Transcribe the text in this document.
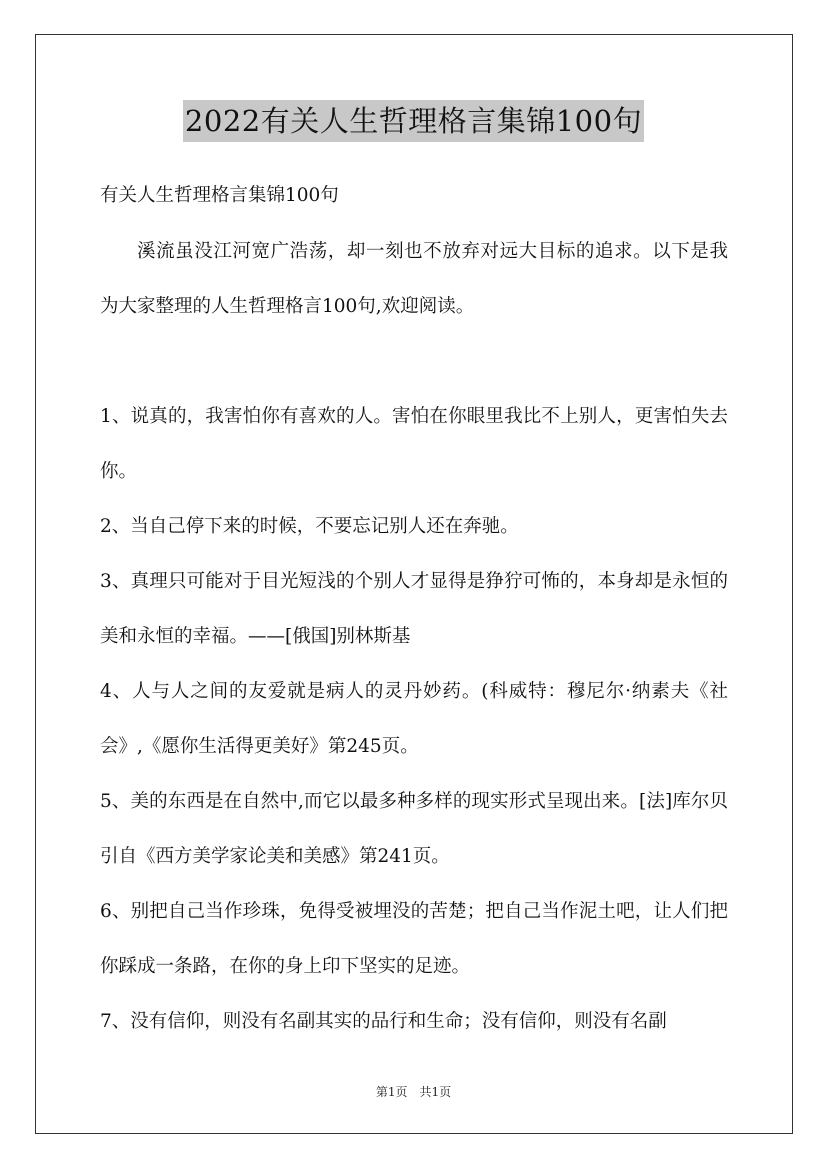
2022有关人生哲理格言集锦100句

有关人生哲理格言集锦100句

溪流虽没江河宽广浩荡，却一刻也不放弃对远大目标的追求。以下是我为大家整理的人生哲理格言100句,欢迎阅读。

1、说真的，我害怕你有喜欢的人。害怕在你眼里我比不上别人，更害怕失去你。

2、当自己停下来的时候，不要忘记别人还在奔驰。

3、真理只可能对于目光短浅的个别人才显得是狰狞可怖的，本身却是永恒的美和永恒的幸福。——[俄国]别林斯基

4、人与人之间的友爱就是病人的灵丹妙药。(科威特：穆尼尔·纳素夫《社会》,《愿你生活得更美好》第245页。

5、美的东西是在自然中,而它以最多种多样的现实形式呈现出来。[法]库尔贝引自《西方美学家论美和美感》第241页。

6、别把自己当作珍珠，免得受被埋没的苦楚；把自己当作泥土吧，让人们把你踩成一条路，在你的身上印下坚实的足迹。

7、没有信仰，则没有名副其实的品行和生命；没有信仰，则没有名副

第1页 共1页
